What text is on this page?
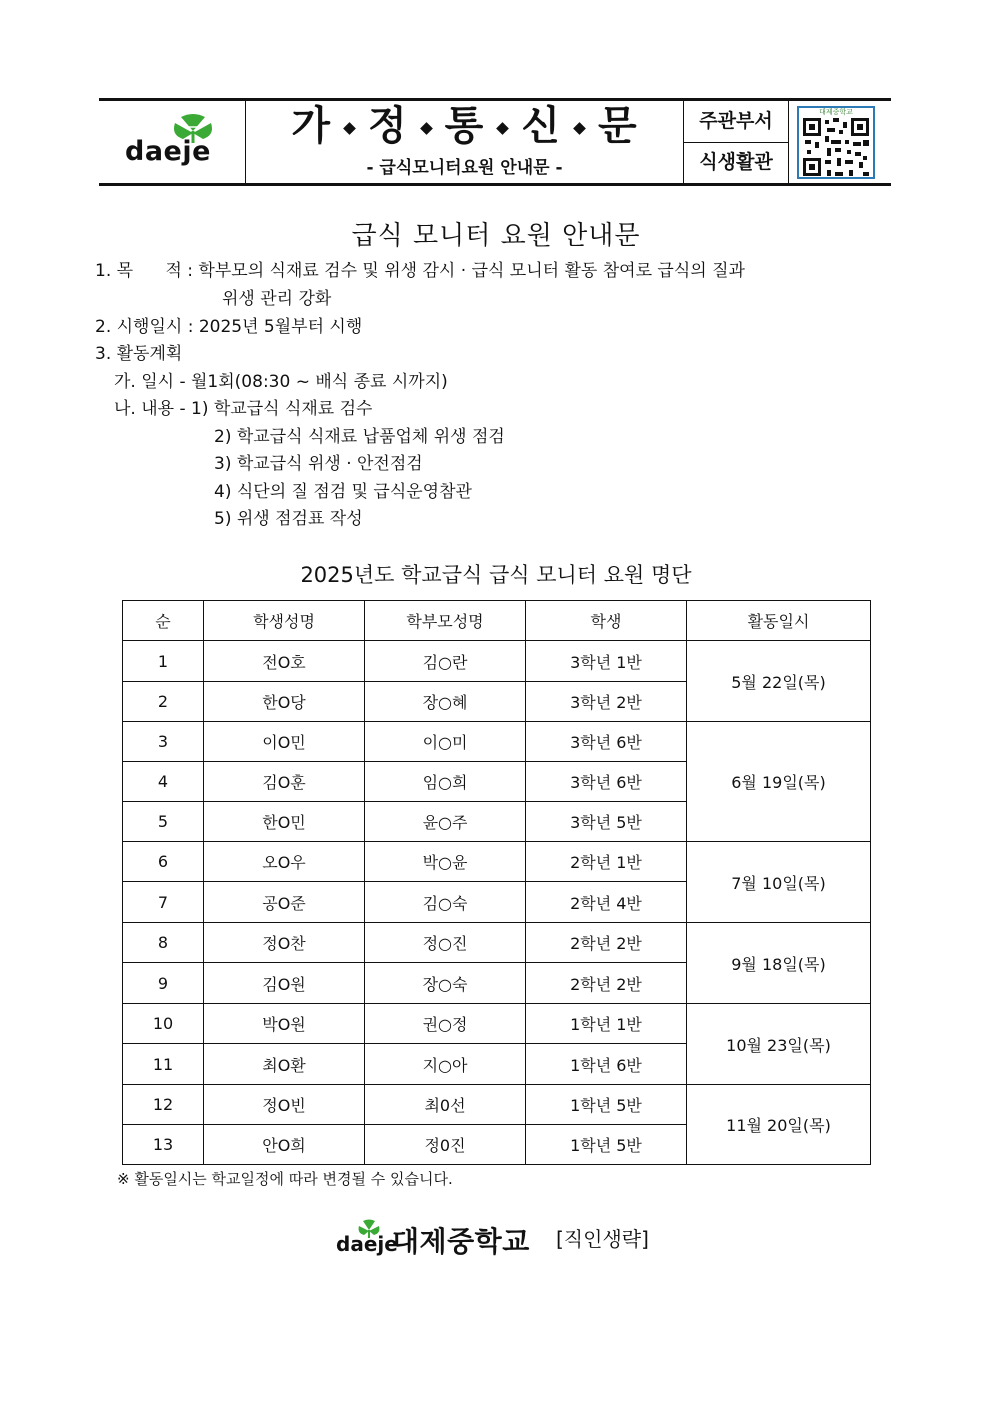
daeje
가 정 통 신 문
- 급식모니터요원 안내문 -
주관부서
식생활관
대제중학교
급식 모니터 요원 안내문
1. 목      적 : 학부모의 식재료 검수 및 위생 감시 · 급식 모니터 활동 참여로 급식의 질과
위생 관리 강화
2. 시행일시 : 2025년 5월부터 시행
3. 활동계획
가. 일시 - 월1회(08:30 ~ 배식 종료 시까지)
나. 내용 - 1) 학교급식 식재료 검수
2) 학교급식 식재료 납품업체 위생 점검
3) 학교급식 위생 · 안전점검
4) 식단의 질 점검 및 급식운영참관
5) 위생 점검표 작성
2025년도 학교급식 급식 모니터 요원 명단
순	학생성명	학부모성명	학생	활동일시
1	전O호	김○란	3학년 1반	5월 22일(목)
2	한O당	장○혜	3학년 2반	
3	이O민	이○미	3학년 6반	6월 19일(목)
4	김O훈	임○희	3학년 6반	
5	한O민	윤○주	3학년 5반	
6	오O우	박○윤	2학년 1반	7월 10일(목)
7	공O준	김○숙	2학년 4반	
8	정O찬	정○진	2학년 2반	9월 18일(목)
9	김O원	장○숙	2학년 2반	
10	박O원	권○정	1학년 1반	10월 23일(목)
11	최O환	지○아	1학년 6반	
12	정O빈	최0선	1학년 5반	11월 20일(목)
13	안O희	정0진	1학년 5반	
※ 활동일시는 학교일정에 따라 변경될 수 있습니다.
daeje
대제중학교 [직인생략]
